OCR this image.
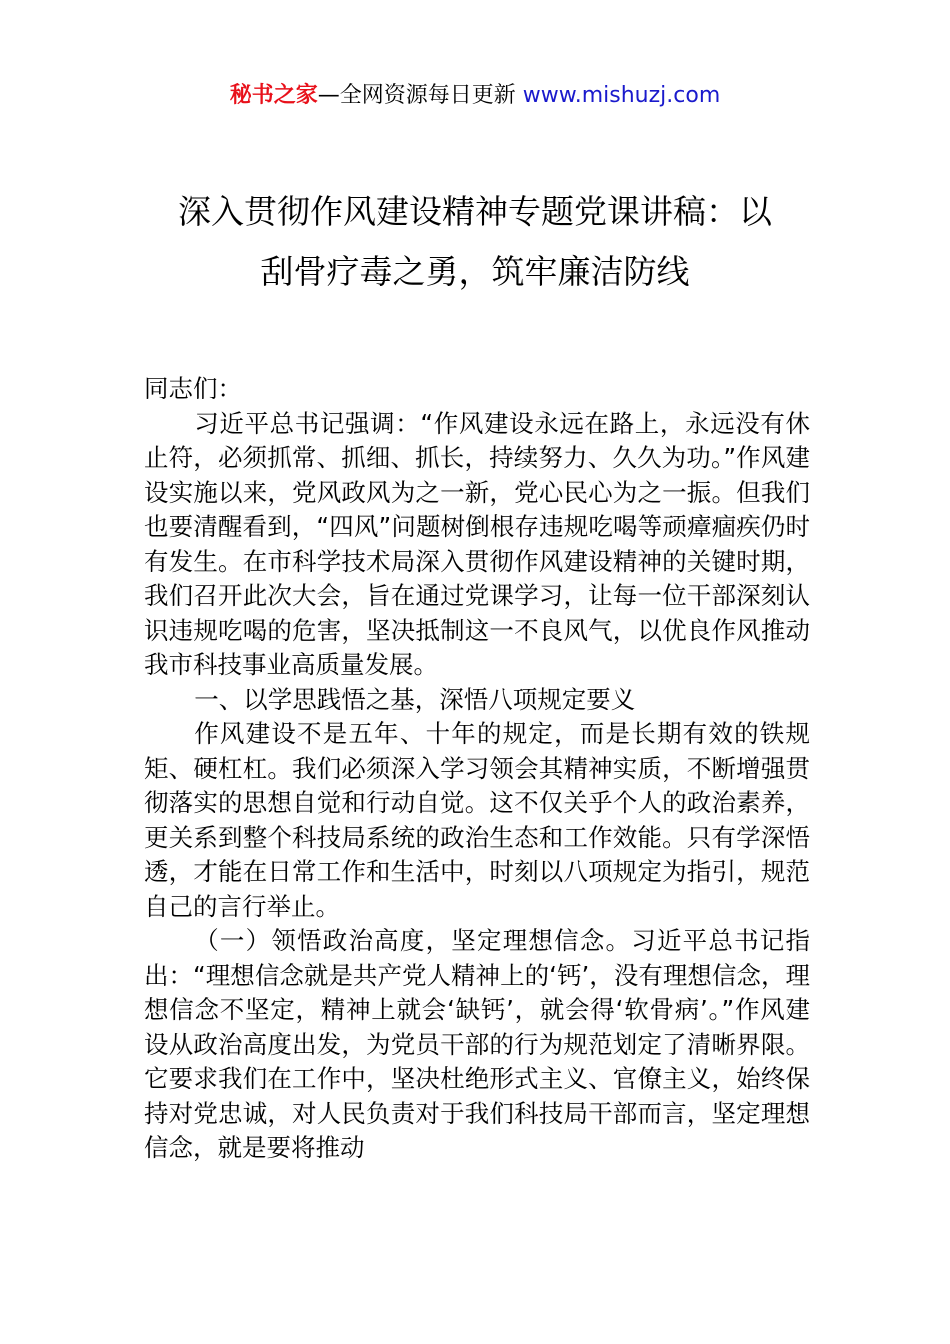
秘书之家—全网资源每日更新 www.mishuzj.com
深入贯彻作风建设精神专题党课讲稿：以
刮骨疗毒之勇，筑牢廉洁防线

同志们：

习近平总书记强调：“作风建设永远在路上，永远没有休止符，必须抓常、抓细、抓长，持续努力、久久为功。”作风建设实施以来，党风政风为之一新，党心民心为之一振。但我们也要清醒看到，“四风”问题树倒根存违规吃喝等顽瘴痼疾仍时有发生。在市科学技术局深入贯彻作风建设精神的关键时期，我们召开此次大会，旨在通过党课学习，让每一位干部深刻认识违规吃喝的危害，坚决抵制这一不良风气，以优良作风推动我市科技事业高质量发展。

一、以学思践悟之基，深悟八项规定要义

作风建设不是五年、十年的规定，而是长期有效的铁规矩、硬杠杠。我们必须深入学习领会其精神实质，不断增强贯彻落实的思想自觉和行动自觉。这不仅关乎个人的政治素养，更关系到整个科技局系统的政治生态和工作效能。只有学深悟透，才能在日常工作和生活中，时刻以八项规定为指引，规范自己的言行举止。

（一）领悟政治高度，坚定理想信念。习近平总书记指出：“理想信念就是共产党人精神上的‘钙’，没有理想信念，理想信念不坚定，精神上就会‘缺钙’，就会得‘软骨病’。”作风建设从政治高度出发，为党员干部的行为规范划定了清晰界限。它要求我们在工作中，坚决杜绝形式主义、官僚主义，始终保持对党忠诚，对人民负责对于我们科技局干部而言，坚定理想信念，就是要将推动
